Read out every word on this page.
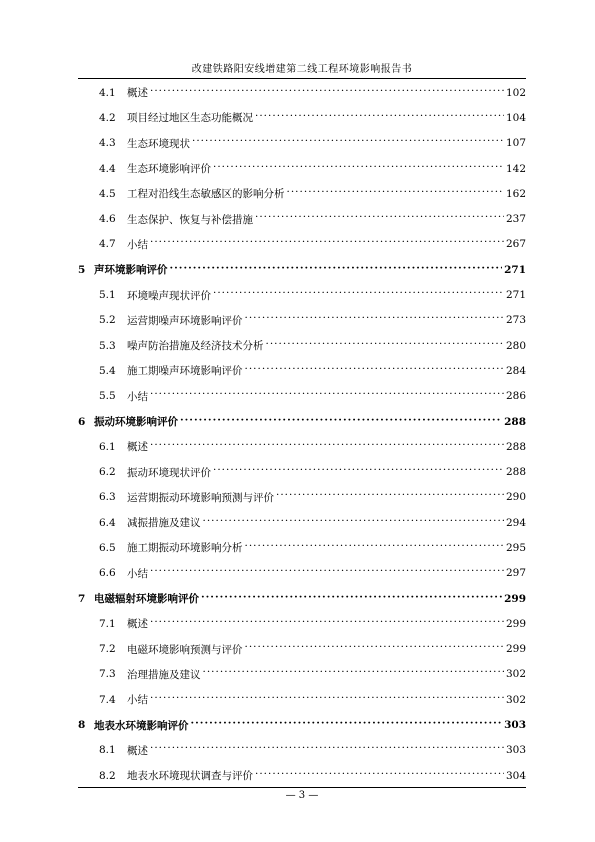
改建铁路阳安线增建第二线工程环境影响报告书
4.1	概述 ·····	102
4.2	项目经过地区生态功能概况 ·····	104
4.3	生态环境现状 ·····	107
4.4	生态环境影响评价 ·····	142
4.5	工程对沿线生态敏感区的影响分析 ·····	162
4.6	生态保护、恢复与补偿措施 ·····	237
4.7	小结 ·····	267
5 声环境影响评价 ·····	271
5.1	环境噪声现状评价 ·····	271
5.2	运营期噪声环境影响评价 ·····	273
5.3	噪声防治措施及经济技术分析 ·····	280
5.4	施工期噪声环境影响评价 ·····	284
5.5	小结 ·····	286
6 振动环境影响评价 ·····	288
6.1	概述 ·····	288
6.2	振动环境现状评价 ·····	288
6.3	运营期振动环境影响预测与评价 ·····	290
6.4	减振措施及建议 ·····	294
6.5	施工期振动环境影响分析 ·····	295
6.6	小结 ·····	297
7 电磁辐射环境影响评价 ·····	299
7.1	概述 ·····	299
7.2	电磁环境影响预测与评价 ·····	299
7.3	治理措施及建议 ·····	302
7.4	小结 ·····	302
8 地表水环境影响评价 ·····	303
8.1	概述 ·····	303
8.2	地表水环境现状调查与评价 ·····	304
— 3 —
